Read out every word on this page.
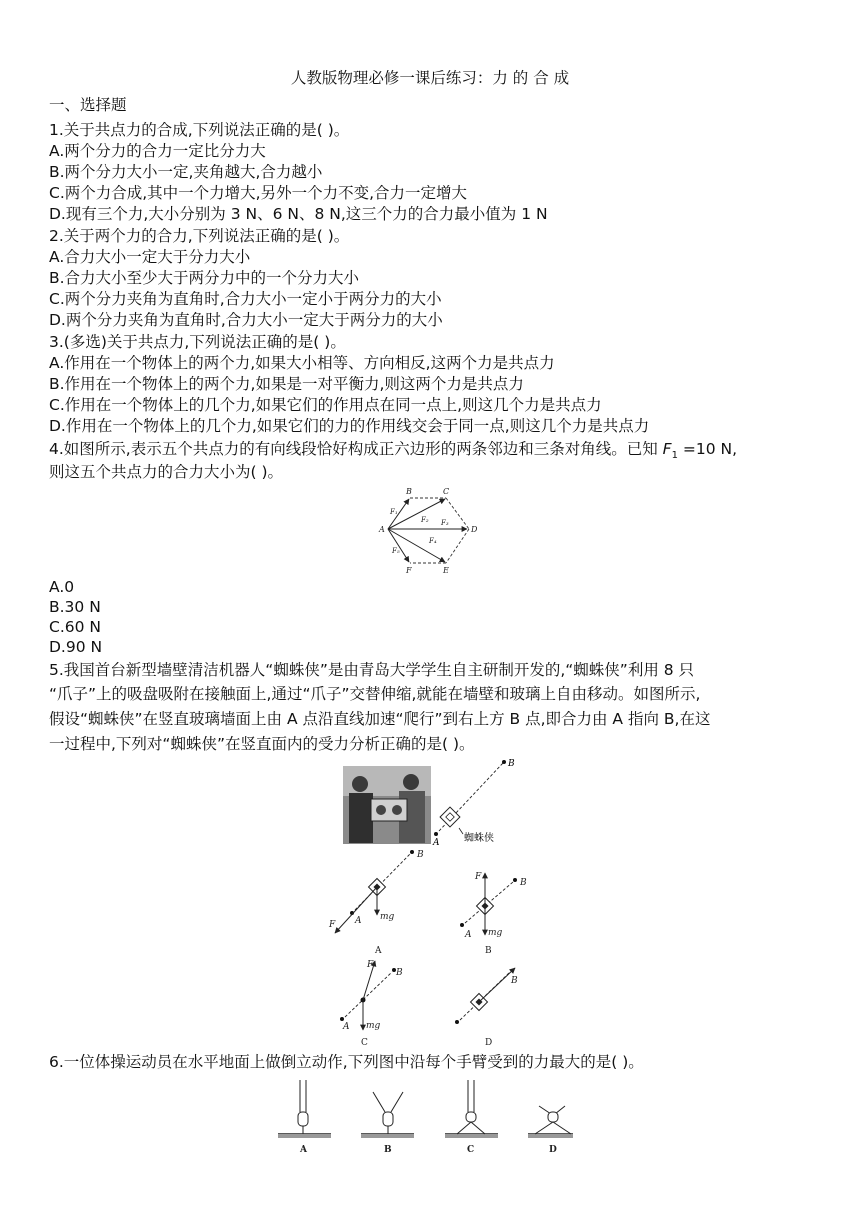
人教版物理必修一课后练习：力 的 合 成
一、选择题
1.关于共点力的合成,下列说法正确的是( )。
A.两个分力的合力一定比分力大
B.两个分力大小一定,夹角越大,合力越小
C.两个力合成,其中一个力增大,另外一个力不变,合力一定增大
D.现有三个力,大小分别为 3 N、6 N、8 N,这三个力的合力最小值为 1 N
2.关于两个力的合力,下列说法正确的是( )。
A.合力大小一定大于分力大小
B.合力大小至少大于两分力中的一个分力大小
C.两个分力夹角为直角时,合力大小一定小于两分力的大小
D.两个分力夹角为直角时,合力大小一定大于两分力的大小
3.(多选)关于共点力,下列说法正确的是( )。
A.作用在一个物体上的两个力,如果大小相等、方向相反,这两个力是共点力
B.作用在一个物体上的两个力,如果是一对平衡力,则这两个力是共点力
C.作用在一个物体上的几个力,如果它们的作用点在同一点上,则这几个力是共点力
D.作用在一个物体上的几个力,如果它们的力的作用线交会于同一点,则这几个力是共点力
4.如图所示,表示五个共点力的有向线段恰好构成正六边形的两条邻边和三条对角线。已知 $F_1 =10$ N,
则这五个共点力的合力大小为( )。
A
B	C
D
E
F
F₁
F₂ F₃
F₄
F₅
A.0
B.30 N
C.60 N
D.90 N
5.我国首台新型墙壁清洁机器人“蜘蛛侠”是由青岛大学学生自主研制开发的,“蜘蛛侠”利用 8 只
“爪子”上的吸盘吸附在接触面上,通过“爪子”交替伸缩,就能在墙壁和玻璃上自由移动。如图所示,
假设“蜘蛛侠”在竖直玻璃墙面上由 A 点沿直线加速“爬行”到右上方 B 点,即合力由 A 指向 B,在这
一过程中,下列对“蜘蛛侠”在竖直面内的受力分析正确的是( )。
A
B
蜘蛛侠
F A
B
mg
A
F
A
B
mg
B
F
A
B
mg
C
B
D
6.一位体操运动员在水平地面上做倒立动作,下列图中沿每个手臂受到的力最大的是( )。
A	B	C	D
